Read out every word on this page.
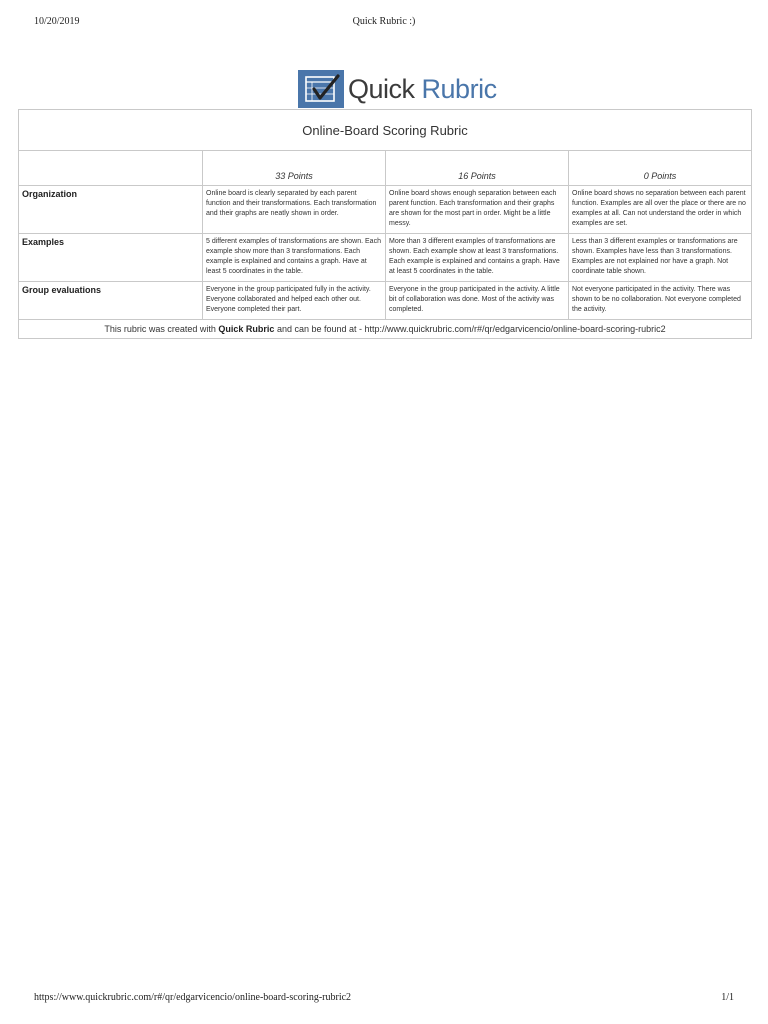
10/20/2019	Quick Rubric :)
Quick Rubric
Online-Board Scoring Rubric			
	33 Points	16 Points	0 Points
Organization	Online board is clearly separated by each parent function and their transformations. Each transformation and their graphs are neatly shown in order.	Online board shows enough separation between each parent function. Each transformation and their graphs are shown for the most part in order. Might be a little messy.	Online board shows no separation between each parent function. Examples are all over the place or there are no examples at all. Can not understand the order in which examples are set.
Examples	5 different examples of transformations are shown. Each example show more than 3 transformations. Each example is explained and contains a graph. Have at least 5 coordinates in the table.	More than 3 different examples of transformations are shown. Each example show at least 3 transformations. Each example is explained and contains a graph. Have at least 5 coordinates in the table.	Less than 3 different examples or transformations are shown. Examples have less than 3 transformations. Examples are not explained nor have a graph. Not coordinate table shown.
Group evaluations	Everyone in the group participated fully in the activity. Everyone collaborated and helped each other out. Everyone completed their part.	Everyone in the group participated in the activity. A little bit of collaboration was done. Most of the activity was completed.	Not everyone participated in the activity. There was shown to be no collaboration. Not everyone completed the activity.
This rubric was created with Quick Rubric and can be found at - http://www.quickrubric.com/r#/qr/edgarvicencio/online-board-scoring-rubric2			
https://www.quickrubric.com/r#/qr/edgarvicencio/online-board-scoring-rubric2	1/1
